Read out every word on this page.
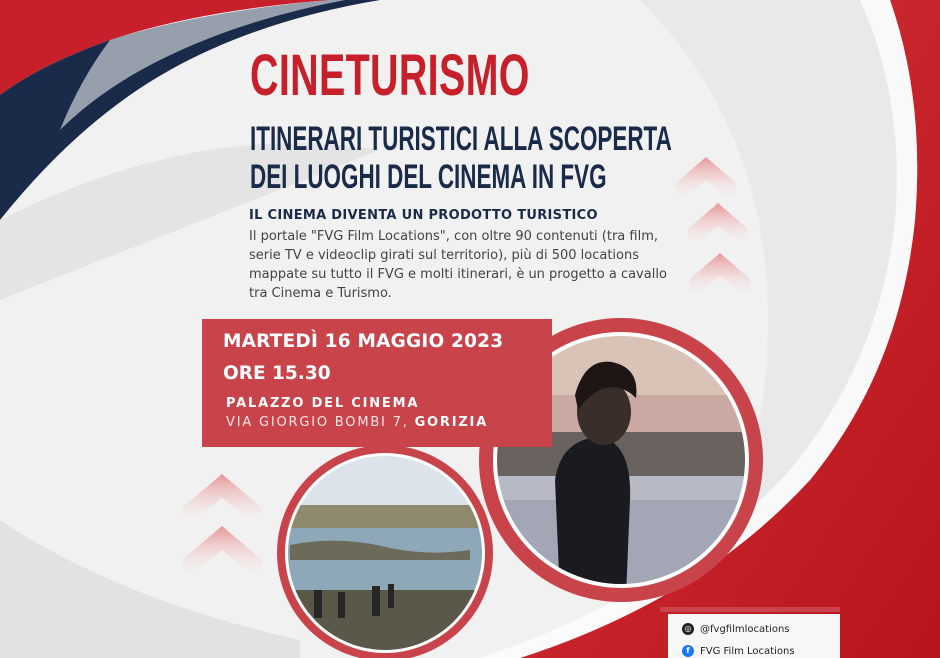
CINETURISMO
ITINERARI TURISTICI ALLA SCOPERTA
DEI LUOGHI DEL CINEMA IN FVG
IL CINEMA DIVENTA UN PRODOTTO TURISTICO
Il portale "FVG Film Locations", con oltre 90 contenuti (tra film, serie TV e videoclip girati sul territorio), più di 500 locations mappate su tutto il FVG e molti itinerari, è un progetto a cavallo tra Cinema e Turismo.
MARTEDÌ 16 MAGGIO 2023
ORE 15.30
PALAZZO DEL CINEMA
VIA GIORGIO BOMBI 7, GORIZIA
◎ @fvgfilmlocations
f	FVG Film Locations
